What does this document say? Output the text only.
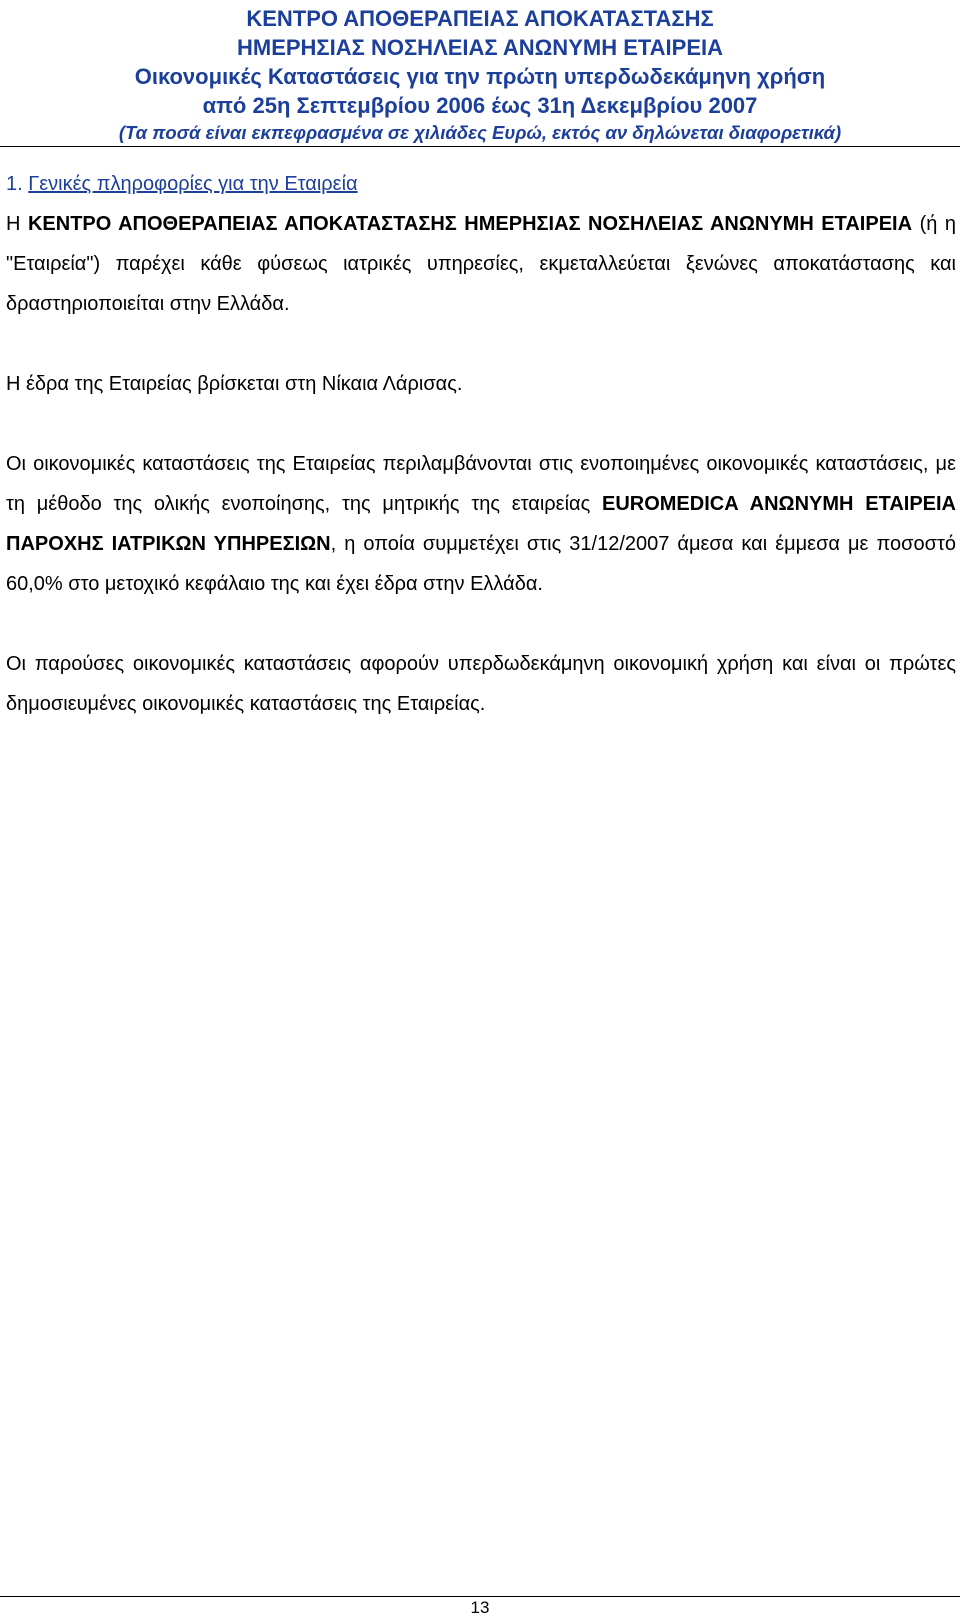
ΚΕΝΤΡΟ ΑΠΟΘΕΡΑΠΕΙΑΣ ΑΠΟΚΑΤΑΣΤΑΣΗΣ
ΗΜΕΡΗΣΙΑΣ ΝΟΣΗΛΕΙΑΣ ΑΝΩΝΥΜΗ ΕΤΑΙΡΕΙΑ
Οικονομικές Καταστάσεις για την πρώτη υπερδωδεκάμηνη χρήση
από 25η Σεπτεμβρίου 2006 έως 31η Δεκεμβρίου 2007
(Τα ποσά είναι εκπεφρασμένα σε χιλιάδες Ευρώ, εκτός αν δηλώνεται διαφορετικά)
1. Γενικές πληροφορίες για την Εταιρεία

Η ΚΕΝΤΡΟ ΑΠΟΘΕΡΑΠΕΙΑΣ ΑΠΟΚΑΤΑΣΤΑΣΗΣ ΗΜΕΡΗΣΙΑΣ ΝΟΣΗΛΕΙΑΣ ΑΝΩΝΥΜΗ ΕΤΑΙΡΕΙΑ (ή η "Εταιρεία") παρέχει κάθε φύσεως ιατρικές υπηρεσίες, εκμεταλλεύεται ξενώνες αποκατάστασης και δραστηριοποιείται στην Ελλάδα.

Η έδρα της Εταιρείας βρίσκεται στη Νίκαια Λάρισας.

Οι οικονομικές καταστάσεις της Εταιρείας περιλαμβάνονται στις ενοποιημένες οικονομικές καταστάσεις, με τη μέθοδο της ολικής ενοποίησης, της μητρικής της εταιρείας EUROMEDICA ΑΝΩΝΥΜΗ ΕΤΑΙΡΕΙΑ ΠΑΡΟΧΗΣ ΙΑΤΡΙΚΩΝ ΥΠΗΡΕΣΙΩΝ, η οποία συμμετέχει στις 31/12/2007 άμεσα και έμμεσα με ποσοστό 60,0% στο μετοχικό κεφάλαιο της και έχει έδρα στην Ελλάδα.

Οι παρούσες οικονομικές καταστάσεις αφορούν υπερδωδεκάμηνη οικονομική χρήση και είναι οι πρώτες δημοσιευμένες οικονομικές καταστάσεις της Εταιρείας.

13
